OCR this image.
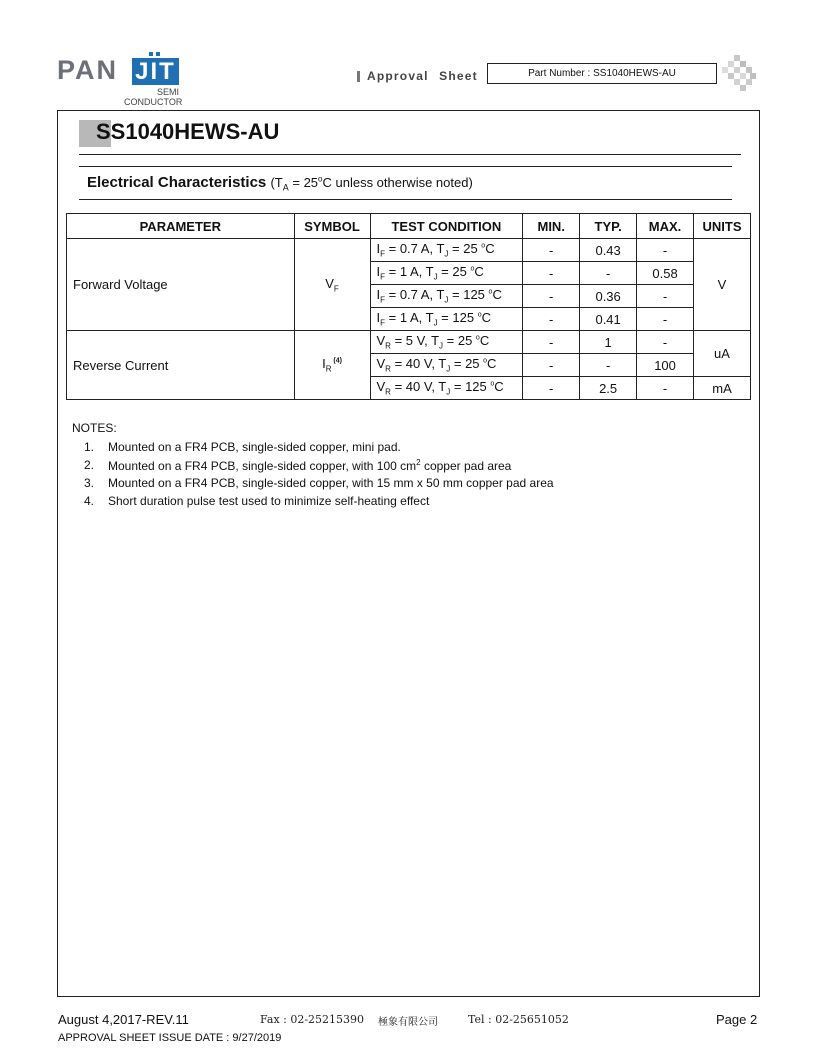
PAN JIT
SEMI
CONDUCTOR
Approval Sheet	Part Number : SS1040HEWS-AU
SS1040HEWS-AU
Electrical Characteristics ($T_A = 25^oC$ unless otherwise noted)
PARAMETER	SYMBOL	TEST CONDITION	MIN.	TYP.	MAX.	UNITS
Forward Voltage	$V_F$	$I_F = 0.7$ A, $T_J = 25$ $^o$C	-	0.43	-	V
		$I_F = 1$ A, $T_J = 25$ $^o$C	-	-	0.58	
		$I_F = 0.7$ A, $T_J = 125$ $^o$C	-	0.36	-	
		$I_F = 1$ A, $T_J = 125$ $^o$C	-	0.41	-	
Reverse Current	$I_R$ $^{(4)}$	$V_R = 5$ V, $T_J = 25$ $^o$C	-	1	-	uA
		$V_R = 40$ V, $T_J = 25$ $^o$C	-	-	100	
		$V_R = 40$ V, $T_J = 125$ $^o$C	-	2.5	-	mA
NOTES:
1.	Mounted on a FR4 PCB, single-sided copper, mini pad.
2.	Mounted on a FR4 PCB, single-sided copper, with 100 $cm^2$ copper pad area
3.	Mounted on a FR4 PCB, single-sided copper, with 15 mm x 50 mm copper pad area
4.	Short duration pulse test used to minimize self-heating effect
August 4,2017-REV.11	Fax : 02-25215390 極象有限公司	Tel : 02-25651052	Page 2
APPROVAL SHEET ISSUE DATE : 9/27/2019
